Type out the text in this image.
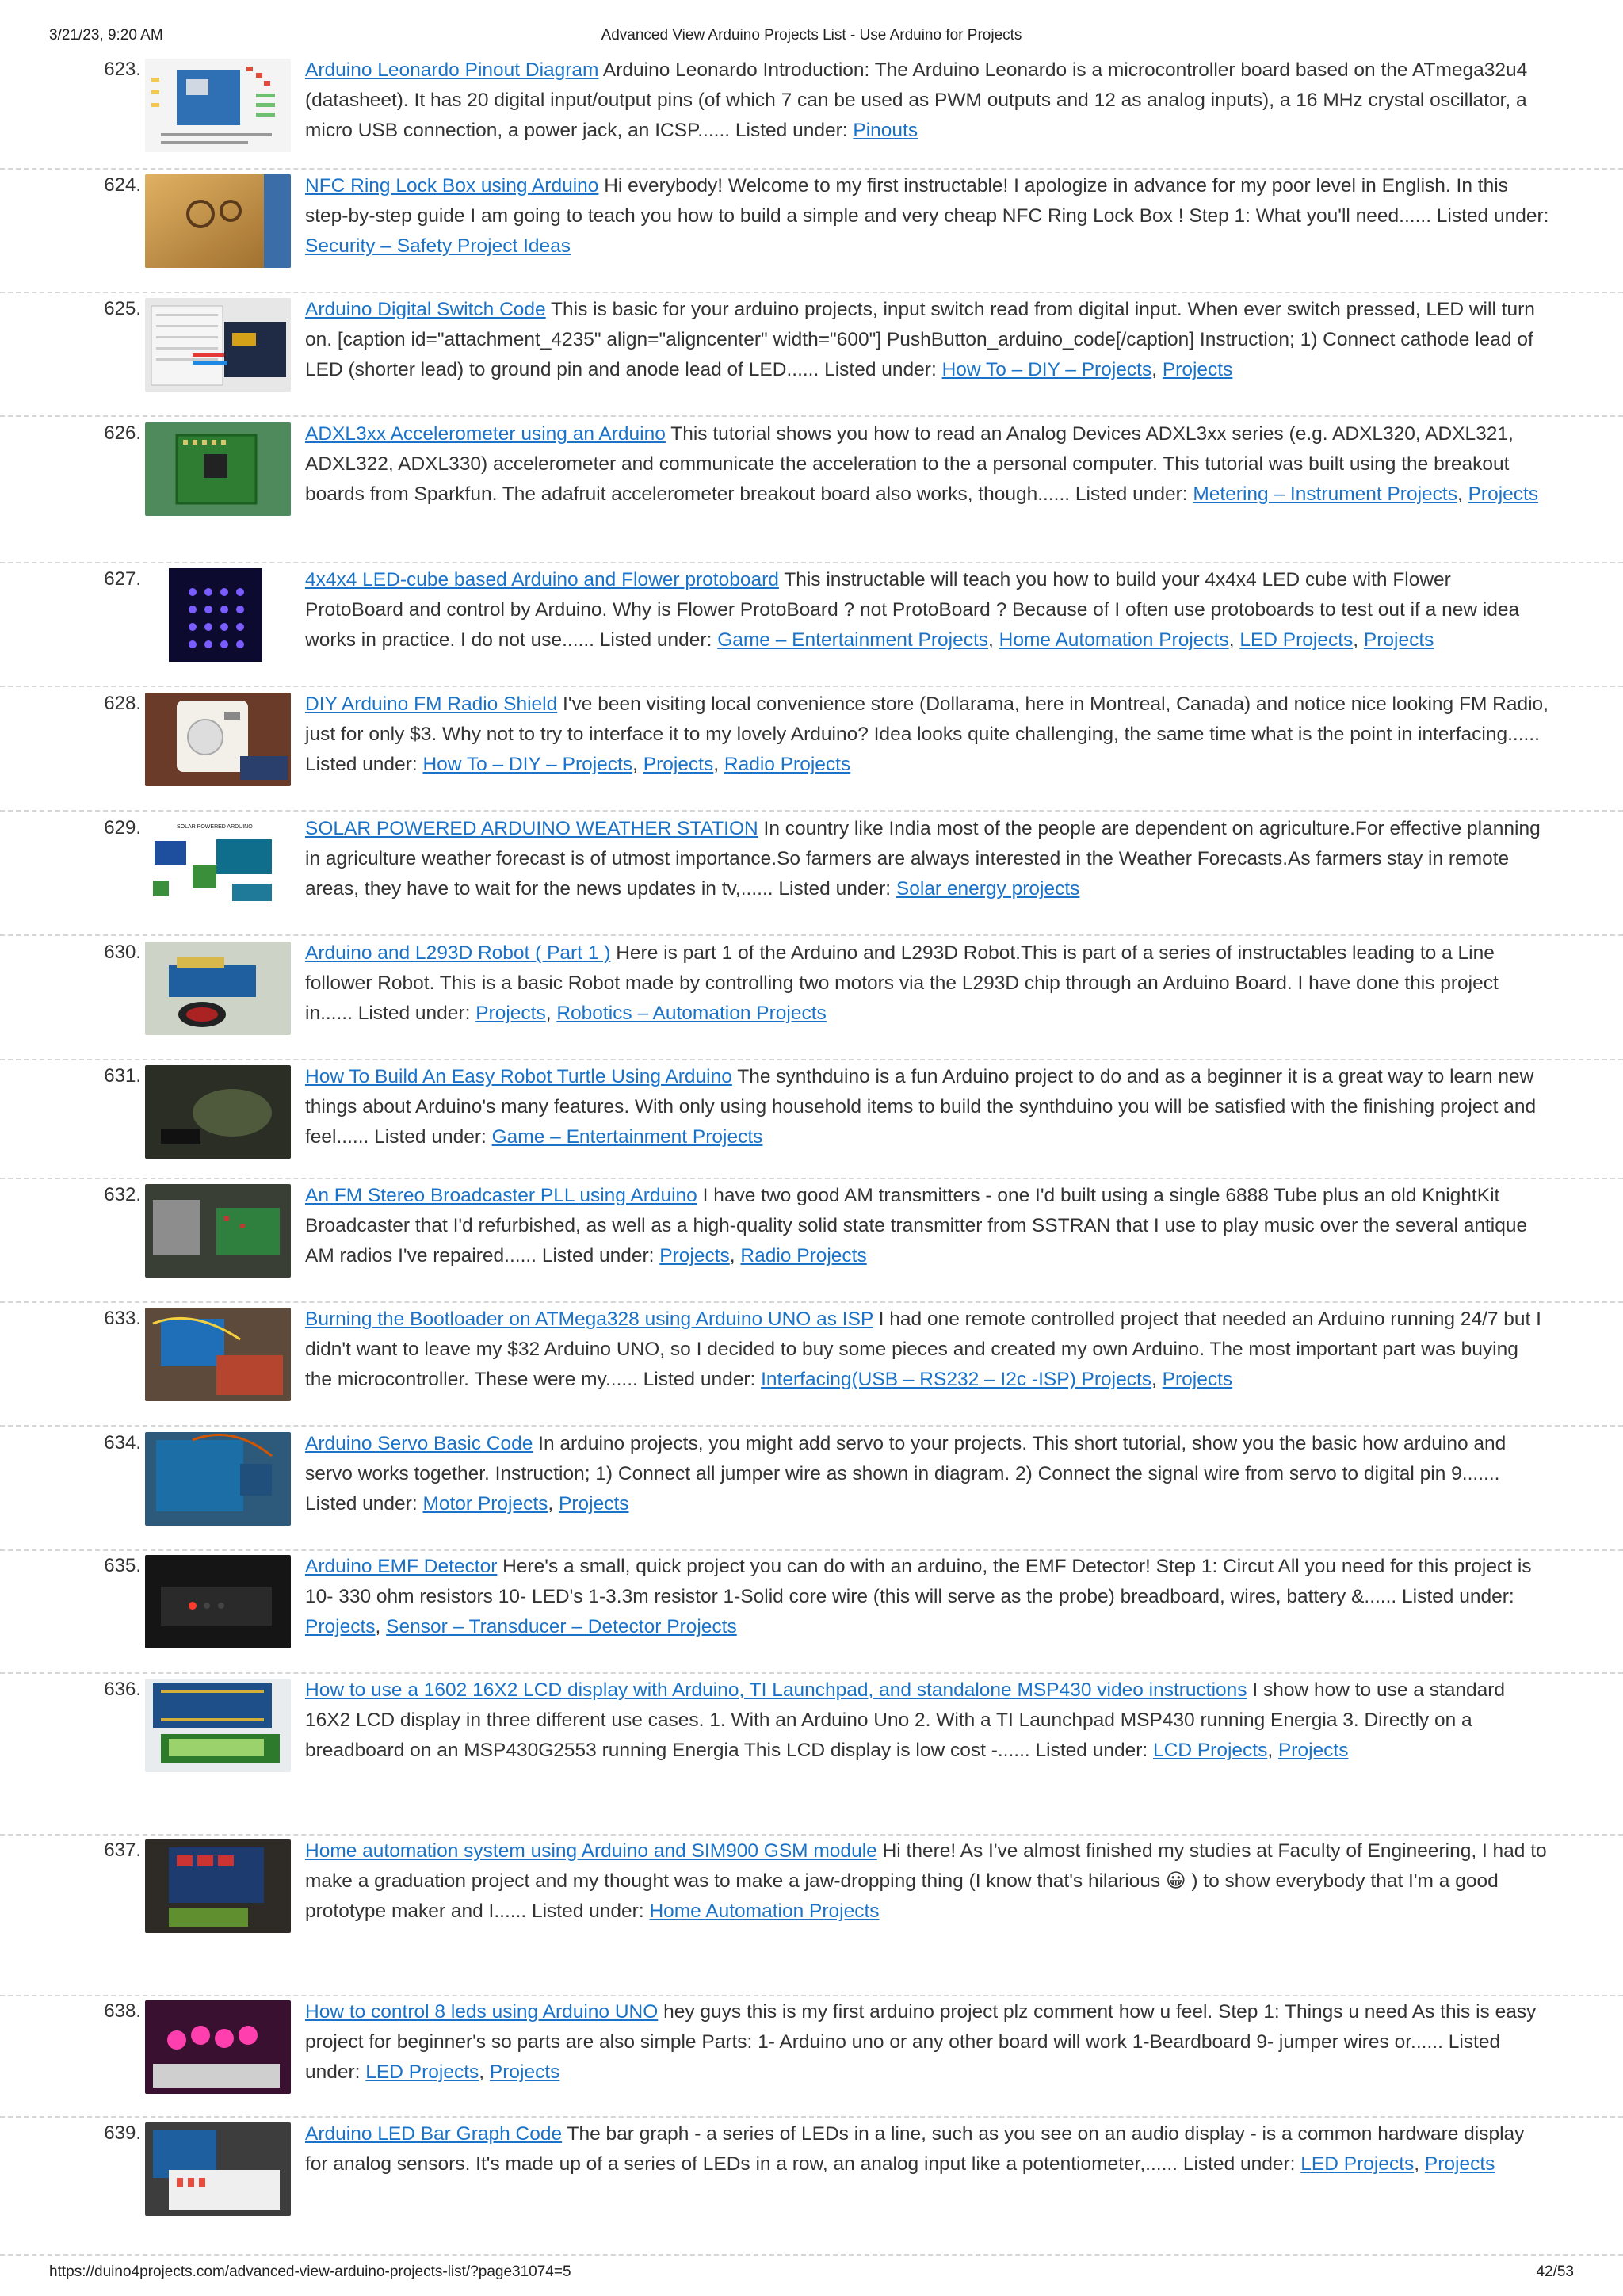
3/21/23, 9:20 AM	Advanced View Arduino Projects List - Use Arduino for Projects
623.	Arduino Leonardo Pinout Diagram Arduino Leonardo Introduction: The Arduino Leonardo is a microcontroller board based on the ATmega32u4 (datasheet). It has 20 digital input/output pins (of which 7 can be used as PWM outputs and 12 as analog inputs), a 16 MHz crystal oscillator, a micro USB connection, a power jack, an ICSP...... Listed under: Pinouts
624.	NFC Ring Lock Box using Arduino Hi everybody! Welcome to my first instructable! I apologize in advance for my poor level in English. In this step-by-step guide I am going to teach you how to build a simple and very cheap NFC Ring Lock Box ! Step 1: What you'll need...... Listed under: Security – Safety Project Ideas
625.	Arduino Digital Switch Code This is basic for your arduino projects, input switch read from digital input. When ever switch pressed, LED will turn on. [caption id="attachment_4235" align="aligncenter" width="600"] PushButton_arduino_code[/caption] Instruction; 1) Connect cathode lead of LED (shorter lead) to ground pin and anode lead of LED...... Listed under: How To – DIY – Projects, Projects
626.	ADXL3xx Accelerometer using an Arduino This tutorial shows you how to read an Analog Devices ADXL3xx series (e.g. ADXL320, ADXL321, ADXL322, ADXL330) accelerometer and communicate the acceleration to the a personal computer. This tutorial was built using the breakout boards from Sparkfun. The adafruit accelerometer breakout board also works, though...... Listed under: Metering – Instrument Projects, Projects
627.	4x4x4 LED-cube based Arduino and Flower protoboard This instructable will teach you how to build your 4x4x4 LED cube with Flower ProtoBoard and control by Arduino. Why is Flower ProtoBoard ? not ProtoBoard ? Because of I often use protoboards to test out if a new idea works in practice. I do not use...... Listed under: Game – Entertainment Projects, Home Automation Projects, LED Projects, Projects
628.	DIY Arduino FM Radio Shield I've been visiting local convenience store (Dollarama, here in Montreal, Canada) and notice nice looking FM Radio, just for only $3. Why not to try to interface it to my lovely Arduino? Idea looks quite challenging, the same time what is the point in interfacing...... Listed under: How To – DIY – Projects, Projects, Radio Projects
629.	SOLAR POWERED ARDUINO	SOLAR POWERED ARDUINO WEATHER STATION In country like India most of the people are dependent on agriculture.For effective planning in agriculture weather forecast is of utmost importance.So farmers are always interested in the Weather Forecasts.As farmers stay in remote areas, they have to wait for the news updates in tv,...... Listed under: Solar energy projects
630.	Arduino and L293D Robot ( Part 1 ) Here is part 1 of the Arduino and L293D Robot.This is part of a series of instructables leading to a Line follower Robot. This is a basic Robot made by controlling two motors via the L293D chip through an Arduino Board. I have done this project in...... Listed under: Projects, Robotics – Automation Projects
631.	How To Build An Easy Robot Turtle Using Arduino The synthduino is a fun Arduino project to do and as a beginner it is a great way to learn new things about Arduino's many features. With only using household items to build the synthduino you will be satisfied with the finishing project and feel...... Listed under: Game – Entertainment Projects
632.	An FM Stereo Broadcaster PLL using Arduino I have two good AM transmitters - one I'd built using a single 6888 Tube plus an old KnightKit Broadcaster that I'd refurbished, as well as a high-quality solid state transmitter from SSTRAN that I use to play music over the several antique AM radios I've repaired...... Listed under: Projects, Radio Projects
633.	Burning the Bootloader on ATMega328 using Arduino UNO as ISP I had one remote controlled project that needed an Arduino running 24/7 but I didn't want to leave my $32 Arduino UNO, so I decided to buy some pieces and created my own Arduino. The most important part was buying the microcontroller. These were my...... Listed under: Interfacing(USB – RS232 – I2c -ISP) Projects, Projects
634.	Arduino Servo Basic Code In arduino projects, you might add servo to your projects. This short tutorial, show you the basic how arduino and servo works together. Instruction; 1) Connect all jumper wire as shown in diagram. 2) Connect the signal wire from servo to digital pin 9....... Listed under: Motor Projects, Projects
635.	Arduino EMF Detector Here's a small, quick project you can do with an arduino, the EMF Detector! Step 1: Circut All you need for this project is 10- 330 ohm resistors 10- LED's 1-3.3m resistor 1-Solid core wire (this will serve as the probe) breadboard, wires, battery &...... Listed under: Projects, Sensor – Transducer – Detector Projects
636.	How to use a 1602 16X2 LCD display with Arduino, TI Launchpad, and standalone MSP430 video instructions I show how to use a standard 16X2 LCD display in three different use cases. 1. With an Arduino Uno 2. With a TI Launchpad MSP430 running Energia 3. Directly on a breadboard on an MSP430G2553 running Energia This LCD display is low cost -...... Listed under: LCD Projects, Projects
637.	Home automation system using Arduino and SIM900 GSM module Hi there! As I've almost finished my studies at Faculty of Engineering, I had to make a graduation project and my thought was to make a jaw-dropping thing (I know that's hilarious 😀 ) to show everybody that I'm a good prototype maker and I...... Listed under: Home Automation Projects
638.	How to control 8 leds using Arduino UNO hey guys this is my first arduino project plz comment how u feel. Step 1: Things u need As this is easy project for beginner's so parts are also simple Parts: 1- Arduino uno or any other board will work 1-Beardboard 9- jumper wires or...... Listed under: LED Projects, Projects
639.	Arduino LED Bar Graph Code The bar graph - a series of LEDs in a line, such as you see on an audio display - is a common hardware display for analog sensors. It's made up of a series of LEDs in a row, an analog input like a potentiometer,...... Listed under: LED Projects, Projects
https://duino4projects.com/advanced-view-arduino-projects-list/?page31074=5	42/53
